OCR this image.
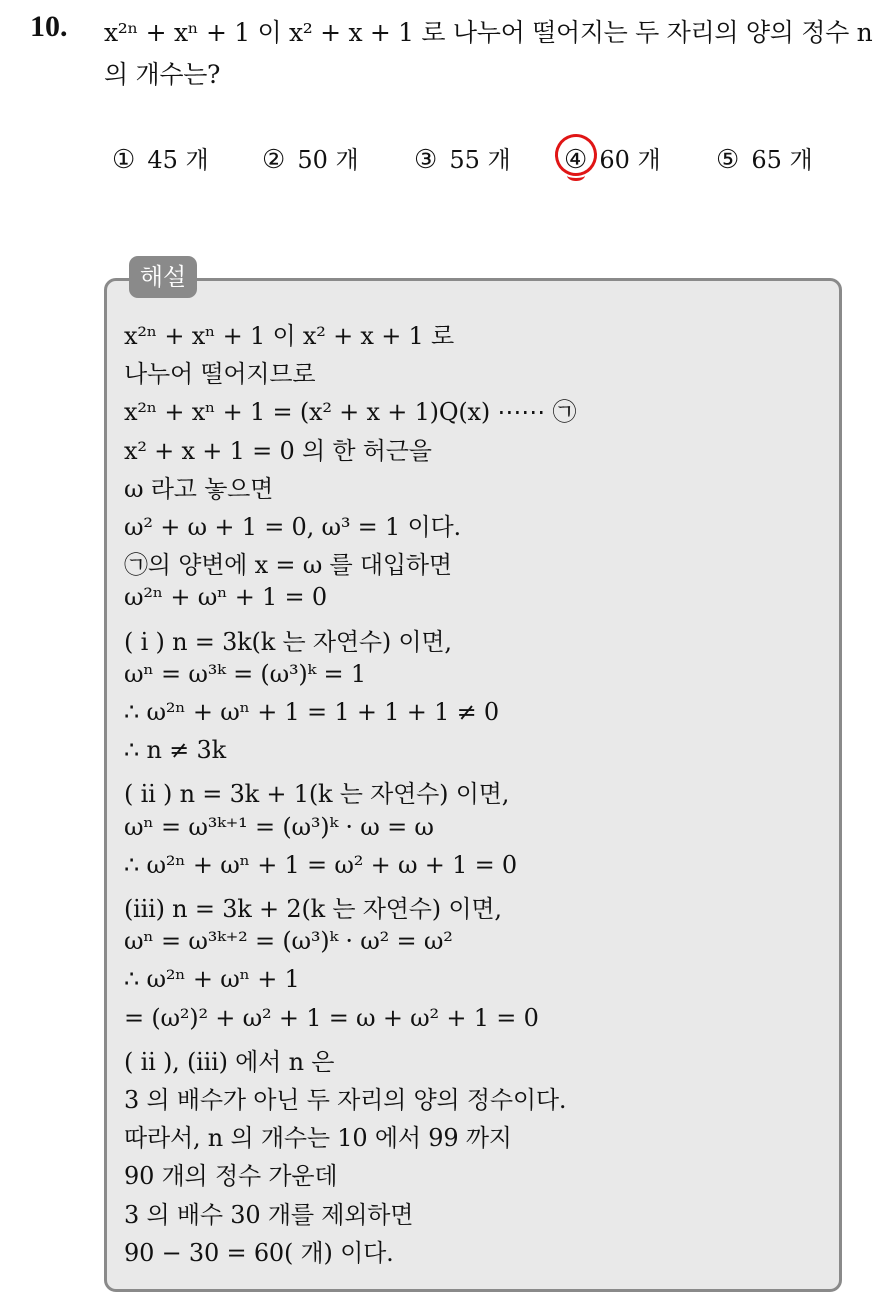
10. x²ⁿ + xⁿ + 1 이 x² + x + 1 로 나누어 떨어지는 두 자리의 양의 정수 n
의 개수는?
① 45 개 ② 50 개 ③ 55 개 ④ 60 개 ⑤ 65 개
해설
x²ⁿ + xⁿ + 1 이 x² + x + 1 로
나누어 떨어지므로
x²ⁿ + xⁿ + 1 = (x² + x + 1)Q(x) ⋯⋯ ㉠
x² + x + 1 = 0 의 한 허근을
ω 라고 놓으면
ω² + ω + 1 = 0, ω³ = 1 이다.
㉠의 양변에 x = ω 를 대입하면
ω²ⁿ + ωⁿ + 1 = 0
( i ) n = 3k(k 는 자연수) 이면,
ωⁿ = ω³ᵏ = (ω³)ᵏ = 1
∴ ω²ⁿ + ωⁿ + 1 = 1 + 1 + 1 ≠ 0
∴ n ≠ 3k
( ii ) n = 3k + 1(k 는 자연수) 이면,
ωⁿ = ω³ᵏ⁺¹ = (ω³)ᵏ · ω = ω
∴ ω²ⁿ + ωⁿ + 1 = ω² + ω + 1 = 0
(iii) n = 3k + 2(k 는 자연수) 이면,
ωⁿ = ω³ᵏ⁺² = (ω³)ᵏ · ω² = ω²
∴ ω²ⁿ + ωⁿ + 1
= (ω²)² + ω² + 1 = ω + ω² + 1 = 0
( ii ), (iii) 에서 n 은
3 의 배수가 아닌 두 자리의 양의 정수이다.
따라서, n 의 개수는 10 에서 99 까지
90 개의 정수 가운데
3 의 배수 30 개를 제외하면
90 − 30 = 60( 개) 이다.
